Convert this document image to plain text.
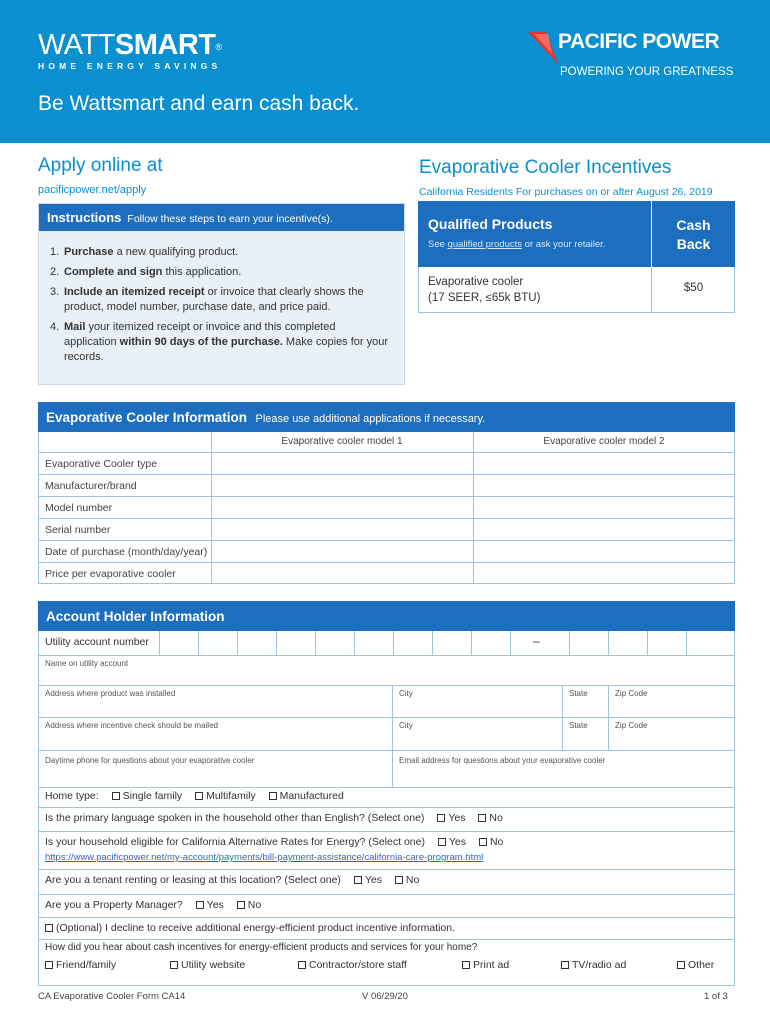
WATTSMART®
HOME ENERGY SAVINGS
PACIFIC POWER
POWERING YOUR GREATNESS
Be Wattsmart and earn cash back.
Apply online at
pacificpower.net/apply
Evaporative Cooler Incentives
California Residents For purchases on or after August 26, 2019
Instructions Follow these steps to earn your incentive(s).
1. Purchase a new qualifying product.
2. Complete and sign this application.
3. Include an itemized receipt or invoice that clearly shows the product, model number, purchase date, and price paid.
4. Mail your itemized receipt or invoice and this completed application within 90 days of the purchase. Make copies for your records.
Qualified Products
See qualified products or ask your retailer.
Cash
Back
Evaporative cooler
(17 SEER, ≤65k BTU)
$50
Evaporative Cooler Information Please use additional applications if necessary.
Evaporative cooler model 1	Evaporative cooler model 2
Evaporative Cooler type
Manufacturer/brand
Model number
Serial number
Date of purchase (month/day/year)
Price per evaporative cooler
Account Holder Information
Utility account number	–
Name on utility account
Address where product was installed	City	State	Zip Code
Address where incentive check should be mailed	City	State	Zip Code
Daytime phone for questions about your evaporative cooler	Email address for questions about your evaporative cooler
Home type: Single family Multifamily Manufactured
Is the primary language spoken in the household other than English? (Select one) Yes No
Is your household eligible for California Alternative Rates for Energy? (Select one) Yes No
https://www.pacificpower.net/my-account/payments/bill-payment-assistance/california-care-program.html
Are you a tenant renting or leasing at this location? (Select one) Yes No
Are you a Property Manager? Yes No
(Optional) I decline to receive additional energy-efficient product incentive information.
How did you hear about cash incentives for energy-efficient products and services for your home?
Friend/family	Utility website	Contractor/store staff	Print ad	TV/radio ad	Other
CA Evaporative Cooler Form CA14	V 06/29/20	1 of 3
